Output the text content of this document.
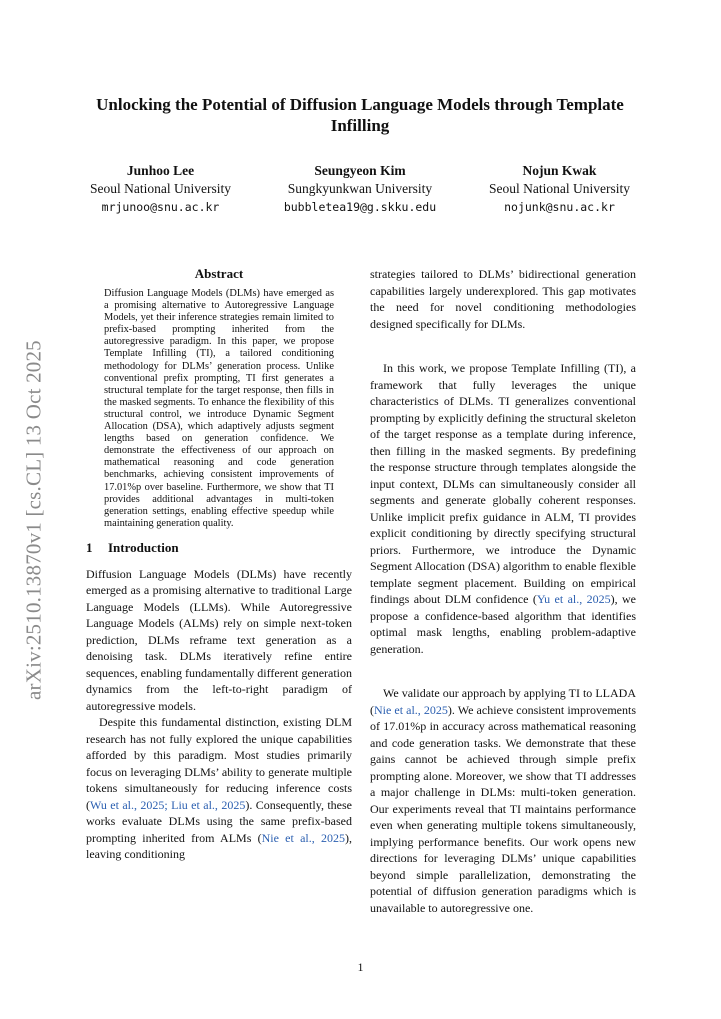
arXiv:2510.13870v1 [cs.CL] 13 Oct 2025
Unlocking the Potential of Diffusion Language Models through Template Infilling
Junhoo Lee
Seoul National University
mrjunoo@snu.ac.kr
Seungyeon Kim
Sungkyunkwan University
bubbletea19@g.skku.edu
Nojun Kwak
Seoul National University
nojunk@snu.ac.kr
Abstract

Diffusion Language Models (DLMs) have emerged as a promising alternative to Autoregressive Language Models, yet their inference strategies remain limited to prefix-based prompting inherited from the autoregressive paradigm. In this paper, we propose Template Infilling (TI), a tailored conditioning methodology for DLMs’ generation process. Unlike conventional prefix prompting, TI first generates a structural template for the target response, then fills in the masked segments. To enhance the flexibility of this structural control, we introduce Dynamic Segment Allocation (DSA), which adaptively adjusts segment lengths based on generation confidence. We demonstrate the effectiveness of our approach on mathematical reasoning and code generation benchmarks, achieving consistent improvements of 17.01%p over baseline. Furthermore, we show that TI provides additional advantages in multi-token generation settings, enabling effective speedup while maintaining generation quality.

1 Introduction

Diffusion Language Models (DLMs) have recently emerged as a promising alternative to traditional Large Language Models (LLMs). While Autoregressive Language Models (ALMs) rely on simple next-token prediction, DLMs reframe text generation as a denoising task. DLMs iteratively refine entire sequences, enabling fundamentally different generation dynamics from the left-to-right paradigm of autoregressive models.

Despite this fundamental distinction, existing DLM research has not fully explored the unique capabilities afforded by this paradigm. Most studies primarily focus on leveraging DLMs’ ability to generate multiple tokens simultaneously for reducing inference costs (Wu et al., 2025; Liu et al., 2025). Consequently, these works evaluate DLMs using the same prefix-based prompting inherited from ALMs (Nie et al., 2025), leaving conditioning

strategies tailored to DLMs’ bidirectional generation capabilities largely underexplored. This gap motivates the need for novel conditioning methodologies designed specifically for DLMs.

In this work, we propose Template Infilling (TI), a framework that fully leverages the unique characteristics of DLMs. TI generalizes conventional prompting by explicitly defining the structural skeleton of the target response as a template during inference, then filling in the masked segments. By predefining the response structure through templates alongside the input context, DLMs can simultaneously consider all segments and generate globally coherent responses. Unlike implicit prefix guidance in ALM, TI provides explicit conditioning by directly specifying structural priors. Furthermore, we introduce the Dynamic Segment Allocation (DSA) algorithm to enable flexible template segment placement. Building on empirical findings about DLM confidence (Yu et al., 2025), we propose a confidence-based algorithm that identifies optimal mask lengths, enabling problem-adaptive generation.

We validate our approach by applying TI to LLADA (Nie et al., 2025). We achieve consistent improvements of 17.01%p in accuracy across mathematical reasoning and code generation tasks. We demonstrate that these gains cannot be achieved through simple prefix prompting alone. Moreover, we show that TI addresses a major challenge in DLMs: multi-token generation. Our experiments reveal that TI maintains performance even when generating multiple tokens simultaneously, implying performance benefits. Our work opens new directions for leveraging DLMs’ unique capabilities beyond simple parallelization, demonstrating the potential of diffusion generation paradigms which is unavailable to autoregressive one.

1
